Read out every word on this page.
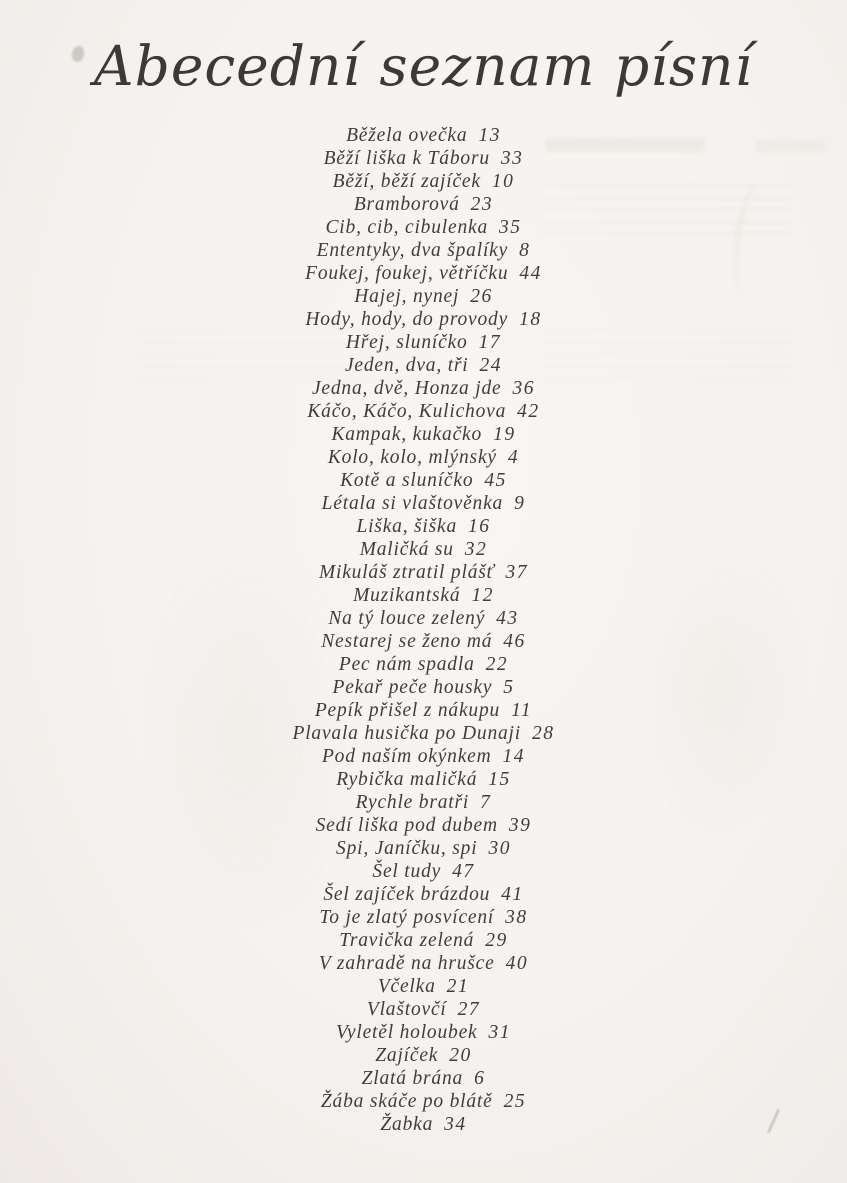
Abecední seznam písní
Běžela ovečka 13
Běží liška k Táboru 33
Běží, běží zajíček 10
Bramborová 23
Cib, cib, cibulenka 35
Ententyky, dva špalíky 8
Foukej, foukej, větříčku 44
Hajej, nynej 26
Hody, hody, do provody 18
Hřej, sluníčko 17
Jeden, dva, tři 24
Jedna, dvě, Honza jde 36
Káčo, Káčo, Kulichova 42
Kampak, kukačko 19
Kolo, kolo, mlýnský 4
Kotě a sluníčko 45
Létala si vlaštověnka 9
Liška, šiška 16
Maličká su 32
Mikuláš ztratil plášť 37
Muzikantská 12
Na tý louce zelený 43
Nestarej se ženo má 46
Pec nám spadla 22
Pekař peče housky 5
Pepík přišel z nákupu 11
Plavala husička po Dunaji 28
Pod naším okýnkem 14
Rybička maličká 15
Rychle bratři 7
Sedí liška pod dubem 39
Spi, Janíčku, spi 30
Šel tudy 47
Šel zajíček brázdou 41
To je zlatý posvícení 38
Travička zelená 29
V zahradě na hrušce 40
Včelka 21
Vlaštovčí 27
Vyletěl holoubek 31
Zajíček 20
Zlatá brána 6
Žába skáče po blátě 25
Žabka 34
